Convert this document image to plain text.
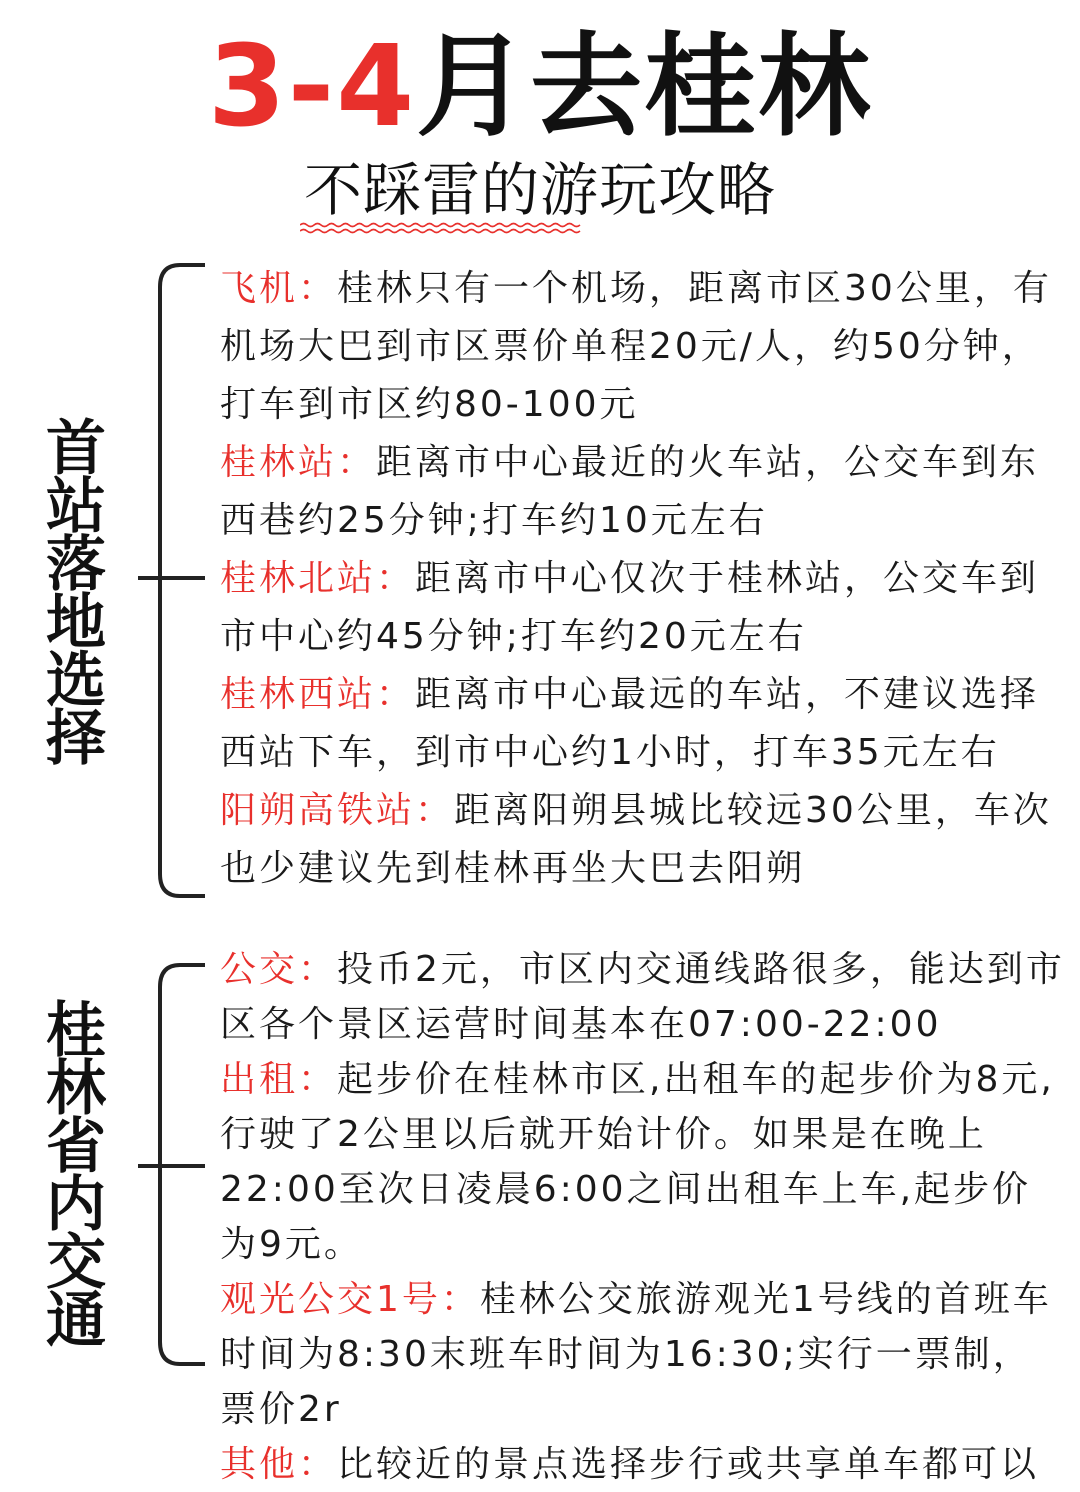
3-4月去桂林
不踩雷的游玩攻略
首
站
落
地
选
择

飞机：桂林只有一个机场，距离市区30公里，有机场大巴到市区票价单程20元/人，约50分钟，打车到市区约80-100元

桂林站：距离市中心最近的火车站，公交车到东西巷约25分钟;打车约10元左右

桂林北站：距离市中心仅次于桂林站，公交车到市中心约45分钟;打车约20元左右

桂林西站：距离市中心最远的车站，不建议选择西站下车，到市中心约1小时，打车35元左右

阳朔高铁站：距离阳朔县城比较远30公里，车次也少建议先到桂林再坐大巴去阳朔

桂
林
省
内
交
通

公交：投币2元，市区内交通线路很多，能达到市区各个景区运营时间基本在07:00-22:00

出租：起步价在桂林市区,出租车的起步价为8元,行驶了2公里以后就开始计价。如果是在晚上22:00至次日凌晨6:00之间出租车上车,起步价为9元。

观光公交1号：桂林公交旅游观光1号线的首班车时间为8:30末班车时间为16:30;实行一票制，票价2r

其他：比较近的景点选择步行或共享单车都可以
